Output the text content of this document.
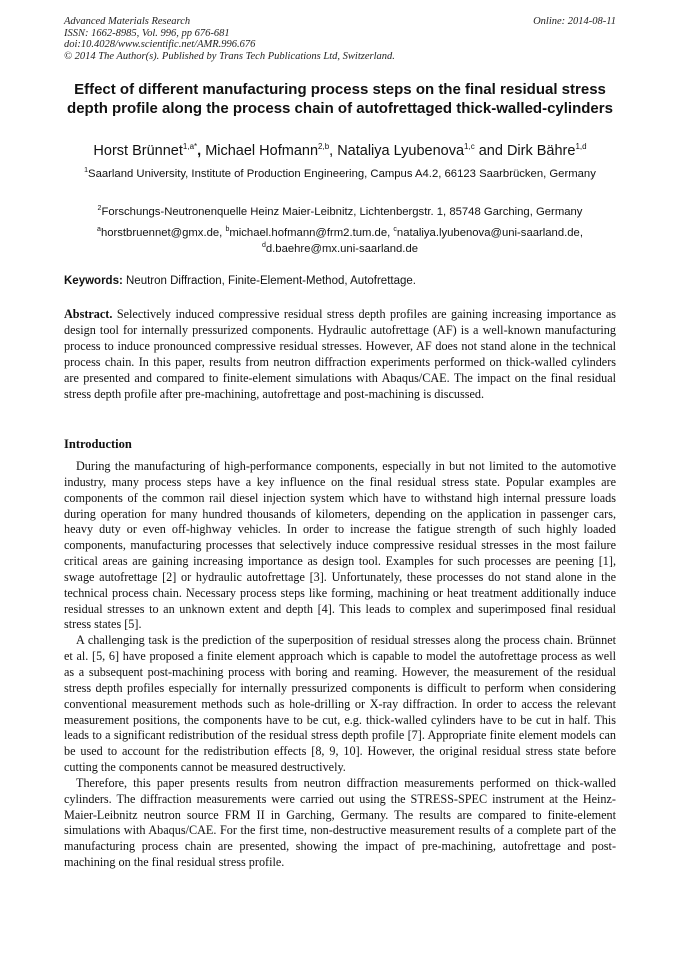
Advanced Materials Research	Online: 2014-08-11
ISSN: 1662-8985, Vol. 996, pp 676-681
doi:10.4028/www.scientific.net/AMR.996.676
© 2014 The Author(s). Published by Trans Tech Publications Ltd, Switzerland.
Effect of different manufacturing process steps on the final residual stress depth profile along the process chain of autofrettaged thick-walled-cylinders
Horst Brünnet$^{1,a*}$, Michael Hofmann$^{2,b}$, Nataliya Lyubenova$^{1,c}$ and Dirk Bähre$^{1,d}$
$^1$Saarland University, Institute of Production Engineering, Campus A4.2, 66123 Saarbrücken, Germany
$^2$Forschungs-Neutronenquelle Heinz Maier-Leibnitz, Lichtenbergstr. 1, 85748 Garching, Germany
$^a$horstbruennet@gmx.de, $^b$michael.hofmann@frm2.tum.de, $^c$nataliya.lyubenova@uni-saarland.de,
$^d$d.baehre@mx.uni-saarland.de
Keywords: Neutron Diffraction, Finite-Element-Method, Autofrettage.
Abstract. Selectively induced compressive residual stress depth profiles are gaining increasing importance as design tool for internally pressurized components. Hydraulic autofrettage (AF) is a well-known manufacturing process to induce pronounced compressive residual stresses. However, AF does not stand alone in the technical process chain. In this paper, results from neutron diffraction experiments performed on thick-walled cylinders are presented and compared to finite-element simulations with Abaqus/CAE. The impact on the final residual stress depth profile after pre-machining, autofrettage and post-machining is discussed.
Introduction

During the manufacturing of high-performance components, especially in but not limited to the automotive industry, many process steps have a key influence on the final residual stress state. Popular examples are components of the common rail diesel injection system which have to withstand high internal pressure loads during operation for many hundred thousands of kilometers, depending on the application in passenger cars, heavy duty or even off-highway vehicles. In order to increase the fatigue strength of such highly loaded components, manufacturing processes that selectively induce compressive residual stresses in the most failure critical areas are gaining increasing importance as design tool. Examples for such processes are peening [1], swage autofrettage [2] or hydraulic autofrettage [3]. Unfortunately, these processes do not stand alone in the technical process chain. Necessary process steps like forming, machining or heat treatment additionally induce residual stresses to an unknown extent and depth [4]. This leads to complex and superimposed final residual stress states [5].

A challenging task is the prediction of the superposition of residual stresses along the process chain. Brünnet et al. [5, 6] have proposed a finite element approach which is capable to model the autofrettage process as well as a subsequent post-machining process with boring and reaming. However, the measurement of the residual stress depth profiles especially for internally pressurized components is difficult to perform when considering conventional measurement methods such as hole-drilling or X-ray diffraction. In order to access the relevant measurement positions, the components have to be cut, e.g. thick-walled cylinders have to be cut in half. This leads to a significant redistribution of the residual stress depth profile [7]. Appropriate finite element models can be used to account for the redistribution effects [8, 9, 10]. However, the original residual stress state before cutting the components cannot be measured destructively.

Therefore, this paper presents results from neutron diffraction measurements performed on thick-walled cylinders. The diffraction measurements were carried out using the STRESS-SPEC instrument at the Heinz-Maier-Leibnitz neutron source FRM II in Garching, Germany. The results are compared to finite-element simulations with Abaqus/CAE. For the first time, non-destructive measurement results of a complete part of the manufacturing process chain are presented, showing the impact of pre-machining, autofrettage and post-machining on the final residual stress profile.
